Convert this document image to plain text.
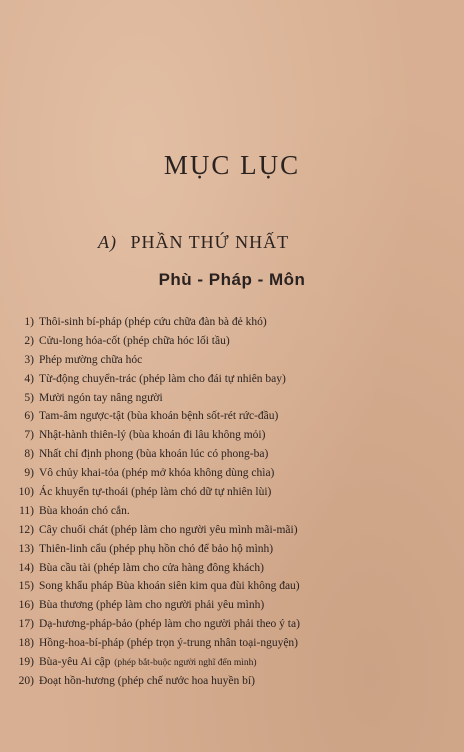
MỤC LỤC
A) PHẦN THỨ NHẤT
Phù - Pháp - Môn
1) Thôi-sinh bí-pháp (phép cứu chữa đàn bà đẻ khó)
2) Cửu-long hóa-cốt (phép chữa hóc lối tầu)
3) Phép mường chữa hóc
4) Từ-động chuyển-trác (phép làm cho đái tự nhiên bay)
5) Mười ngón tay nâng người
6) Tam-âm ngược-tật (bùa khoán bệnh sốt-rét rức-đầu)
7) Nhật-hành thiên-lý (bùa khoán đi lâu không mỏi)
8) Nhất chỉ định phong (bùa khoán lúc có phong-ba)
9) Vô chủy khai-tỏa (phép mở khóa không dùng chìa)
10) Ác khuyển tự-thoái (phép làm chó dữ tự nhiên lùi)
11) Bùa khoán chó cắn.
12) Cây chuối chát (phép làm cho người yêu mình mãi-mãi)
13) Thiên-linh cẩu (phép phụ hồn chó để bảo hộ mình)
14) Bùa cầu tài (phép làm cho cửa hàng đông khách)
15) Song khẩu pháp Bùa khoán siên kim qua đùi không đau)
16) Bùa thương (phép làm cho người phải yêu mình)
17) Dạ-hương-pháp-bảo (phép làm cho người phải theo ý ta)
18) Hồng-hoa-bí-pháp (phép trọn ý-trung nhân toại-nguyện)
19) Bùa-yêu Ai cập (phép bắt-buộc người nghĩ đến mình)
20) Đoạt hồn-hương (phép chế nước hoa huyền bí)
